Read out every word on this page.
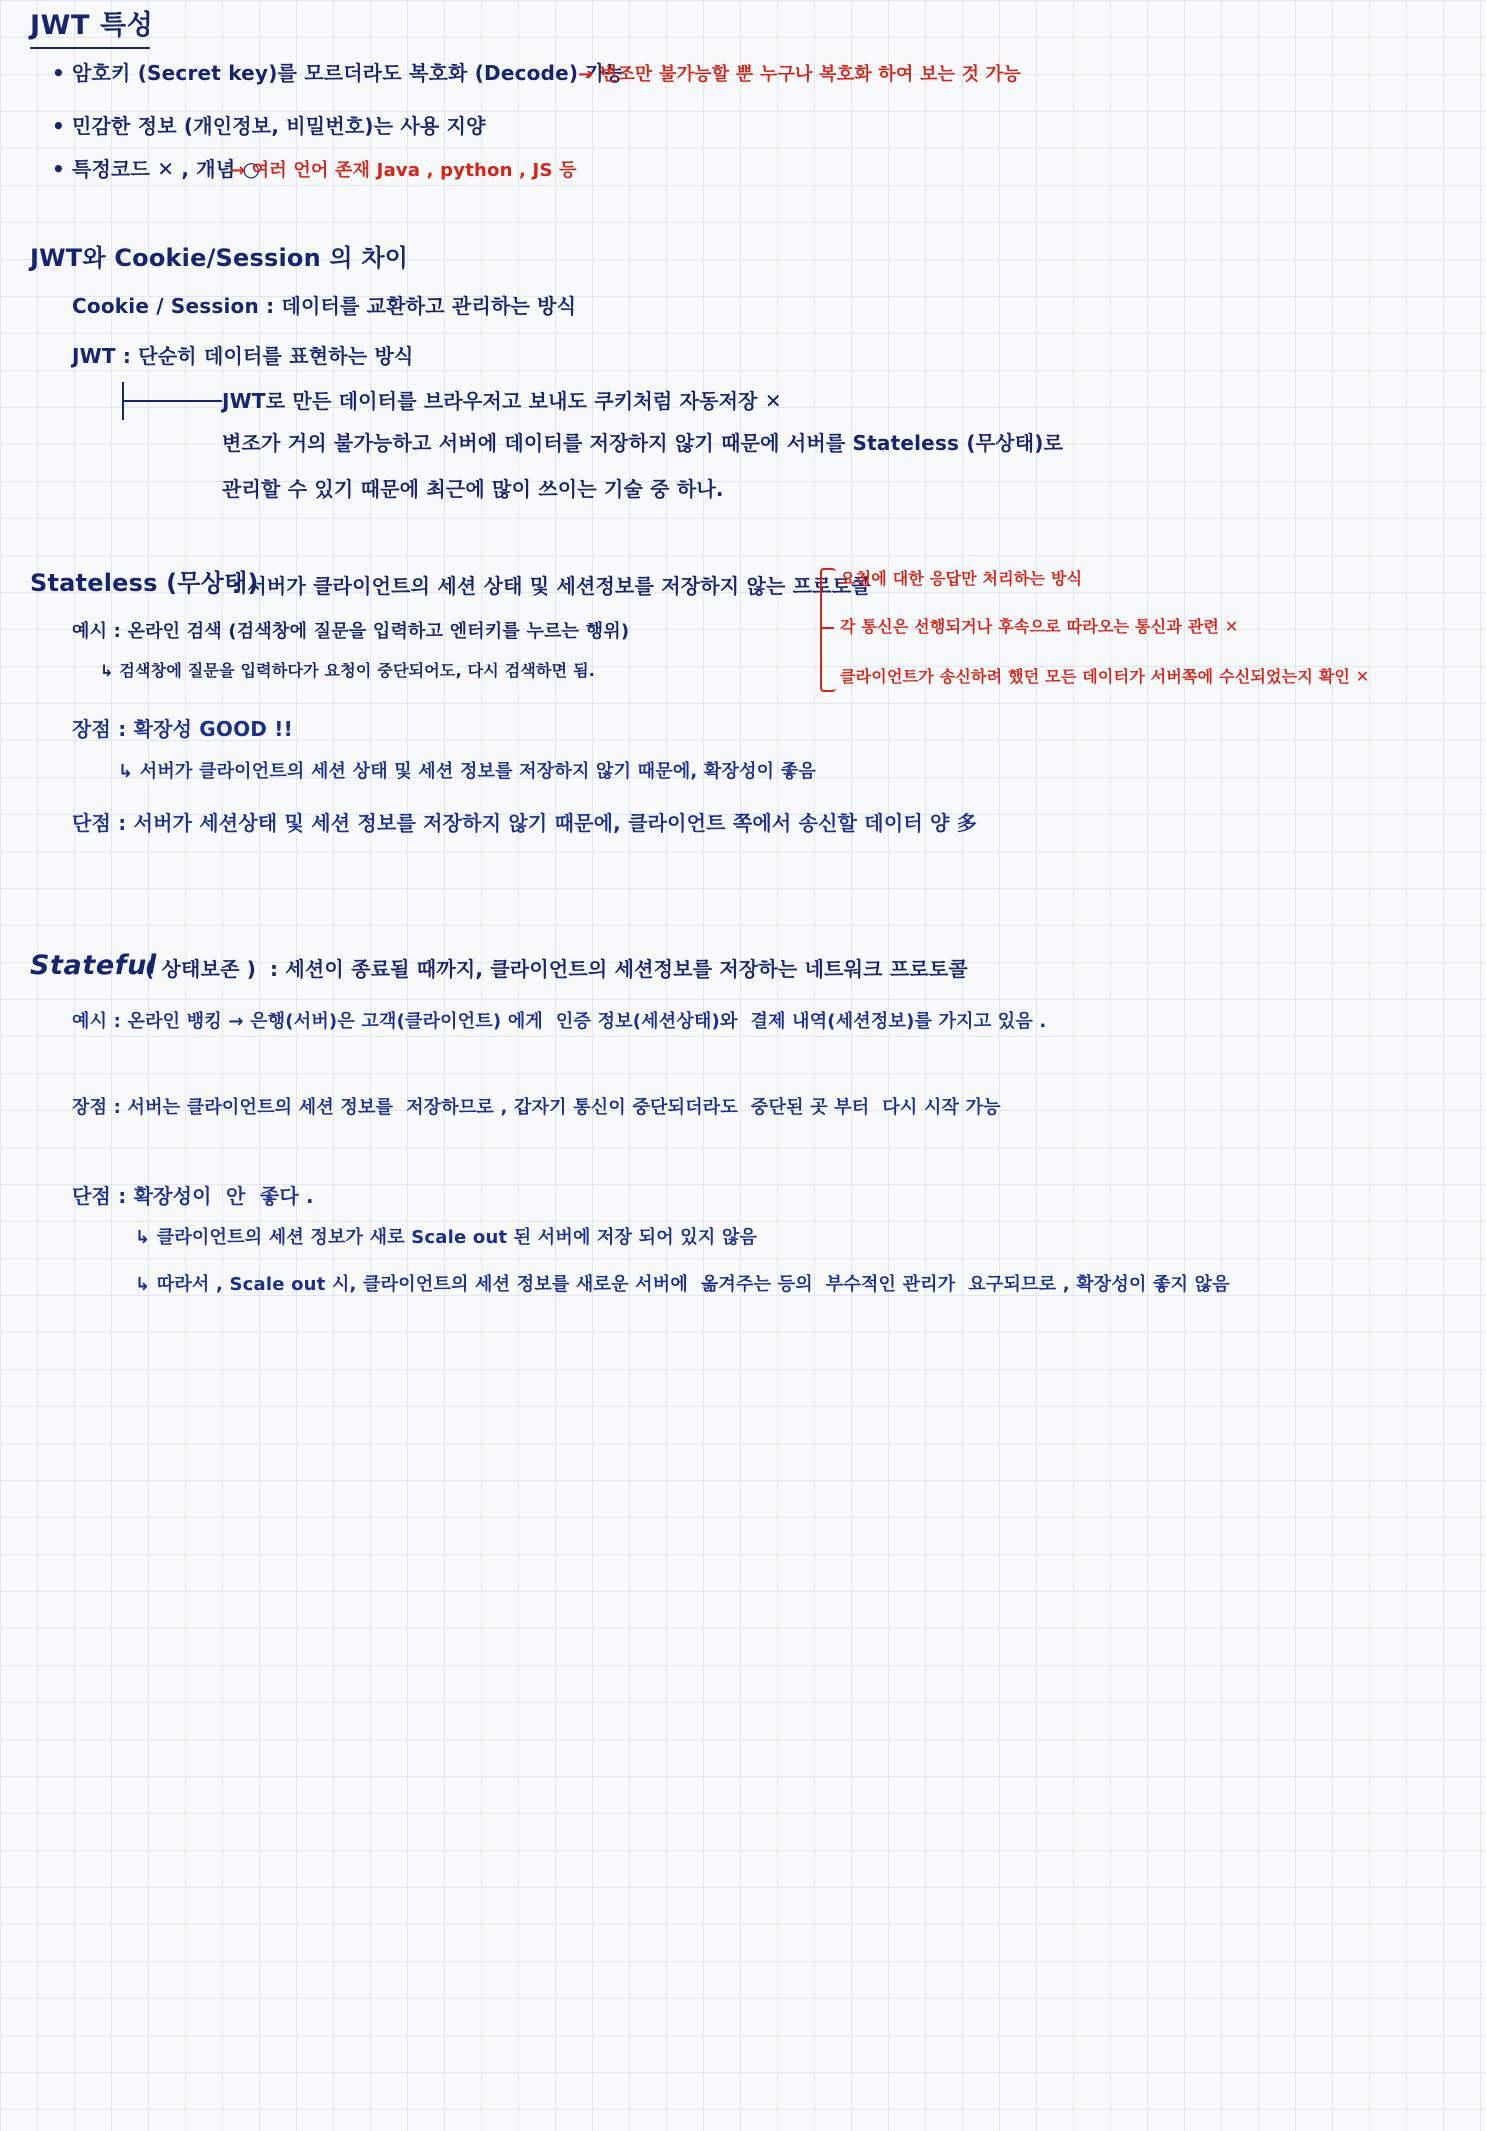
JWT 특성
• 암호키 (Secret key)를 모르더라도 복호화 (Decode) 가능
→ 변조만 불가능할 뿐 누구나 복호화 하여 보는 것 가능
• 민감한 정보 (개인정보, 비밀번호)는 사용 지양
• 특정코드 ✕ , 개념 ○
→ 여러 언어 존재 Java , python , JS 등
JWT와 Cookie/Session 의 차이
Cookie / Session : 데이터를 교환하고 관리하는 방식
JWT : 단순히 데이터를 표현하는 방식
JWT로 만든 데이터를 브라우저고 보내도 쿠키처럼 자동저장 ✕
변조가 거의 불가능하고 서버에 데이터를 저장하지 않기 때문에 서버를 Stateless (무상태)로
관리할 수 있기 때문에 최근에 많이 쓰이는 기술 중 하나.
Stateless (무상태)
: 서버가 클라이언트의 세션 상태 및 세션정보를 저장하지 않는 프로토콜
요청에 대한 응답만 처리하는 방식
각 통신은 선행되거나 후속으로 따라오는 통신과 관련 ✕
클라이언트가 송신하려 했던 모든 데이터가 서버쪽에 수신되었는지 확인 ✕
예시 : 온라인 검색 (검색창에 질문을 입력하고 엔터키를 누르는 행위)
↳ 검색창에 질문을 입력하다가 요청이 중단되어도, 다시 검색하면 됨.
장점 : 확장성 GOOD !!
↳ 서버가 클라이언트의 세션 상태 및 세션 정보를 저장하지 않기 때문에, 확장성이 좋음
단점 : 서버가 세션상태 및 세션 정보를 저장하지 않기 때문에, 클라이언트 쪽에서 송신할 데이터 양 多
Stateful
( 상태보존 ) : 세션이 종료될 때까지, 클라이언트의 세션정보를 저장하는 네트워크 프로토콜
예시 : 온라인 뱅킹 → 은행(서버)은 고객(클라이언트) 에게  인증 정보(세션상태)와  결제 내역(세션정보)를 가지고 있음 .
장점 : 서버는 클라이언트의 세션 정보를  저장하므로 , 갑자기 통신이 중단되더라도  중단된 곳 부터  다시 시작 가능
단점 : 확장성이  안  좋다 .
↳ 클라이언트의 세션 정보가 새로 Scale out 된 서버에 저장 되어 있지 않음
↳ 따라서 , Scale out 시, 클라이언트의 세션 정보를 새로운 서버에  옮겨주는 등의  부수적인 관리가  요구되므로 , 확장성이 좋지 않음
